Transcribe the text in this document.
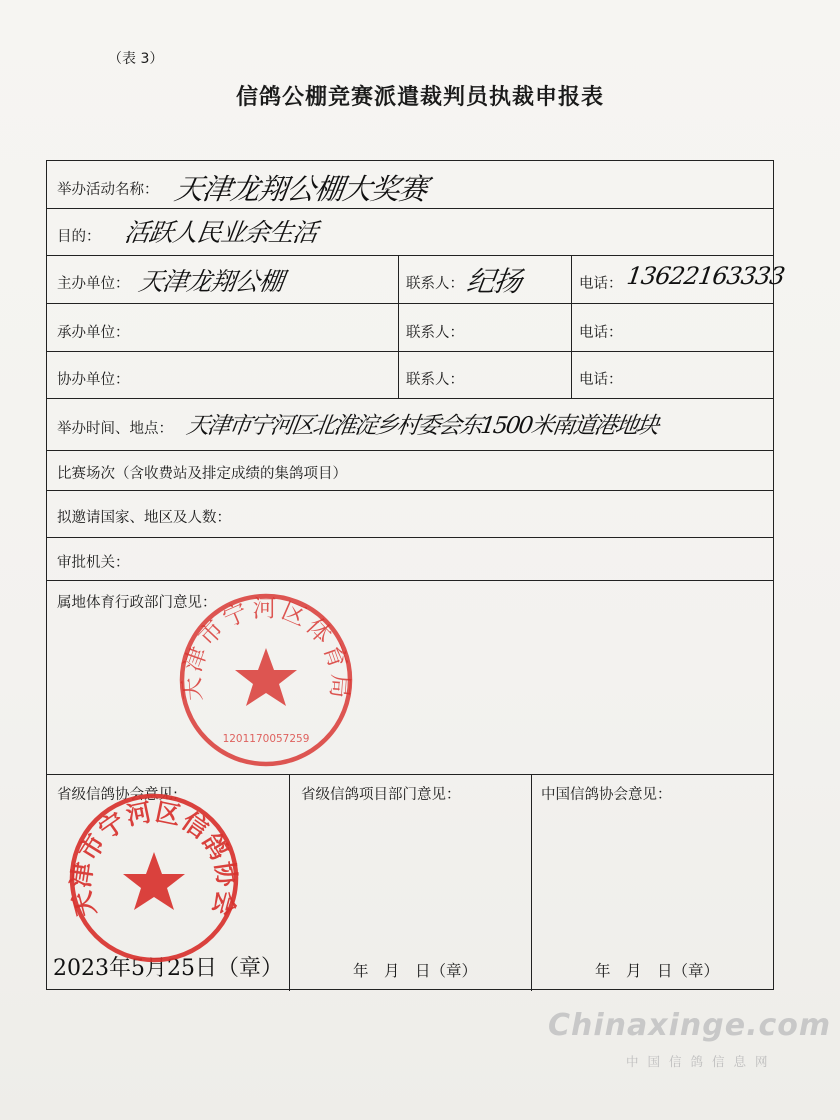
（表 3）
信鸽公棚竞赛派遣裁判员执裁申报表
举办活动名称： 天津龙翔公棚大奖赛
目的： 活跃人民业余生活
主办单位： 天津龙翔公棚	联系人： 纪扬	电话： 13622163333
承办单位：	联系人：	电话：
协办单位：	联系人：	电话：
举办时间、地点： 天津市宁河区北淮淀乡村委会东1500米南道港地块
比赛场次（含收费站及排定成绩的集鸽项目）
拟邀请国家、地区及人数：
审批机关：
属地体育行政部门意见：
省级信鸽协会意见:
2023年5月25日（章）
省级信鸽项目部门意见：
年　月　日（章）
中国信鸽协会意见：
年　月　日（章）
天津市宁河区体育局
1201170057259
天津市宁河区信鸽协会
Chinaxinge.com
中国信鸽信息网
